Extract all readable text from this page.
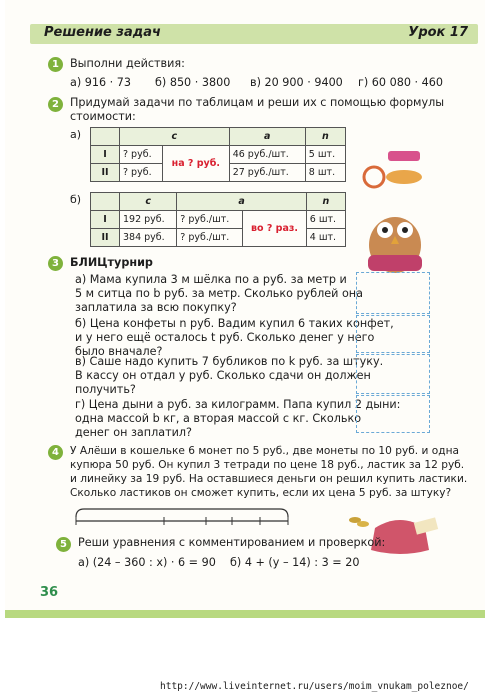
Решение задач	Урок 17
1 Выполни действия:
а) 916 · 73 б) 850 · 3800 в) 20 900 · 9400 г) 60 080 · 460
2 Придумай задачи по таблицам и реши их с помощью формулы
стоимости:
а)
		c		a	n
I	? руб.	на ? руб.	46 руб./шт.	5 шт.
II	? руб.		27 руб./шт.	8 шт.
б)
		c	a		n
I	192 руб.	? руб./шт.	во ? раз.	6 шт.
II	384 руб.	? руб./шт.		4 шт.
3 БЛИЦтурнир
а) Мама купила 3 м шёлка по a руб. за метр и
5 м ситца по b руб. за метр. Сколько рублей она
заплатила за всю покупку?
б) Цена конфеты n руб. Вадим купил 6 таких конфет,
и у него ещё осталось t руб. Сколько денег у него
было вначале?
в) Саше надо купить 7 бубликов по k руб. за штуку.
В кассу он отдал y руб. Сколько сдачи он должен
получить?
г) Цена дыни a руб. за килограмм. Папа купил 2 дыни:
одна массой b кг, а вторая массой c кг. Сколько
денег он заплатил?
4	У Алёши в кошельке 6 монет по 5 руб., две монеты по 10 руб. и одна
купюра 50 руб. Он купил 3 тетради по цене 18 руб., ластик за 12 руб.
и линейку за 19 руб. На оставшиеся деньги он решил купить ластики.
Сколько ластиков он сможет купить, если их цена 5 руб. за штуку?
5 Реши уравнения с комментированием и проверкой:
а) (24 – 360 : x) · 6 = 90 б) 4 + (y – 14) : 3 = 20
36
http://www.liveinternet.ru/users/moim_vnukam_poleznoe/
